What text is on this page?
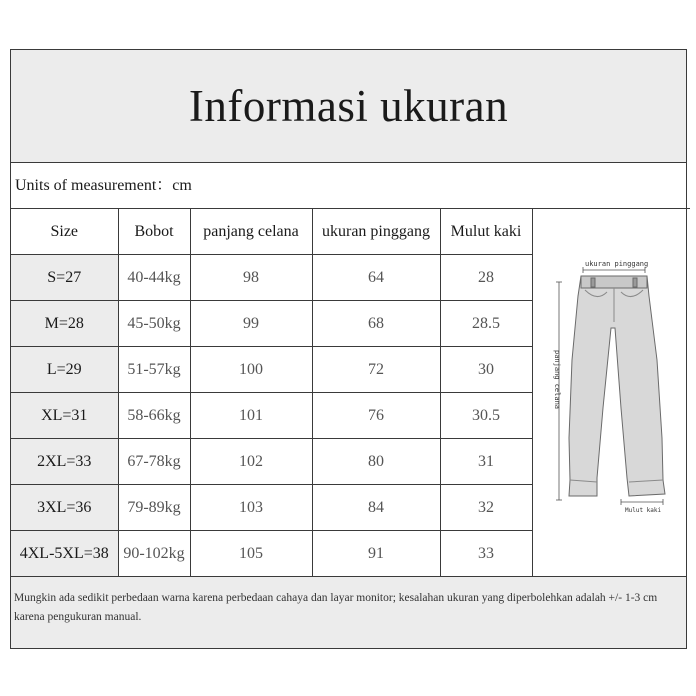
Informasi ukuran
Units of measurement：cm
Size	Bobot	panjang celana	ukuran pinggang	Mulut kaki	
S=27	40-44kg	98	64	28	
M=28	45-50kg	99	68	28.5	
L=29	51-57kg	100	72	30	
XL=31	58-66kg	101	76	30.5	
2XL=33	67-78kg	102	80	31	
3XL=36	79-89kg	103	84	32	
4XL-5XL=38	90-102kg	105	91	33	
Mungkin ada sedikit perbedaan warna karena perbedaan cahaya dan layar monitor; kesalahan ukuran yang diperbolehkan adalah +/- 1-3 cm karena pengukuran manual.
ukuran pinggang
panjang celana
Mulut kaki
